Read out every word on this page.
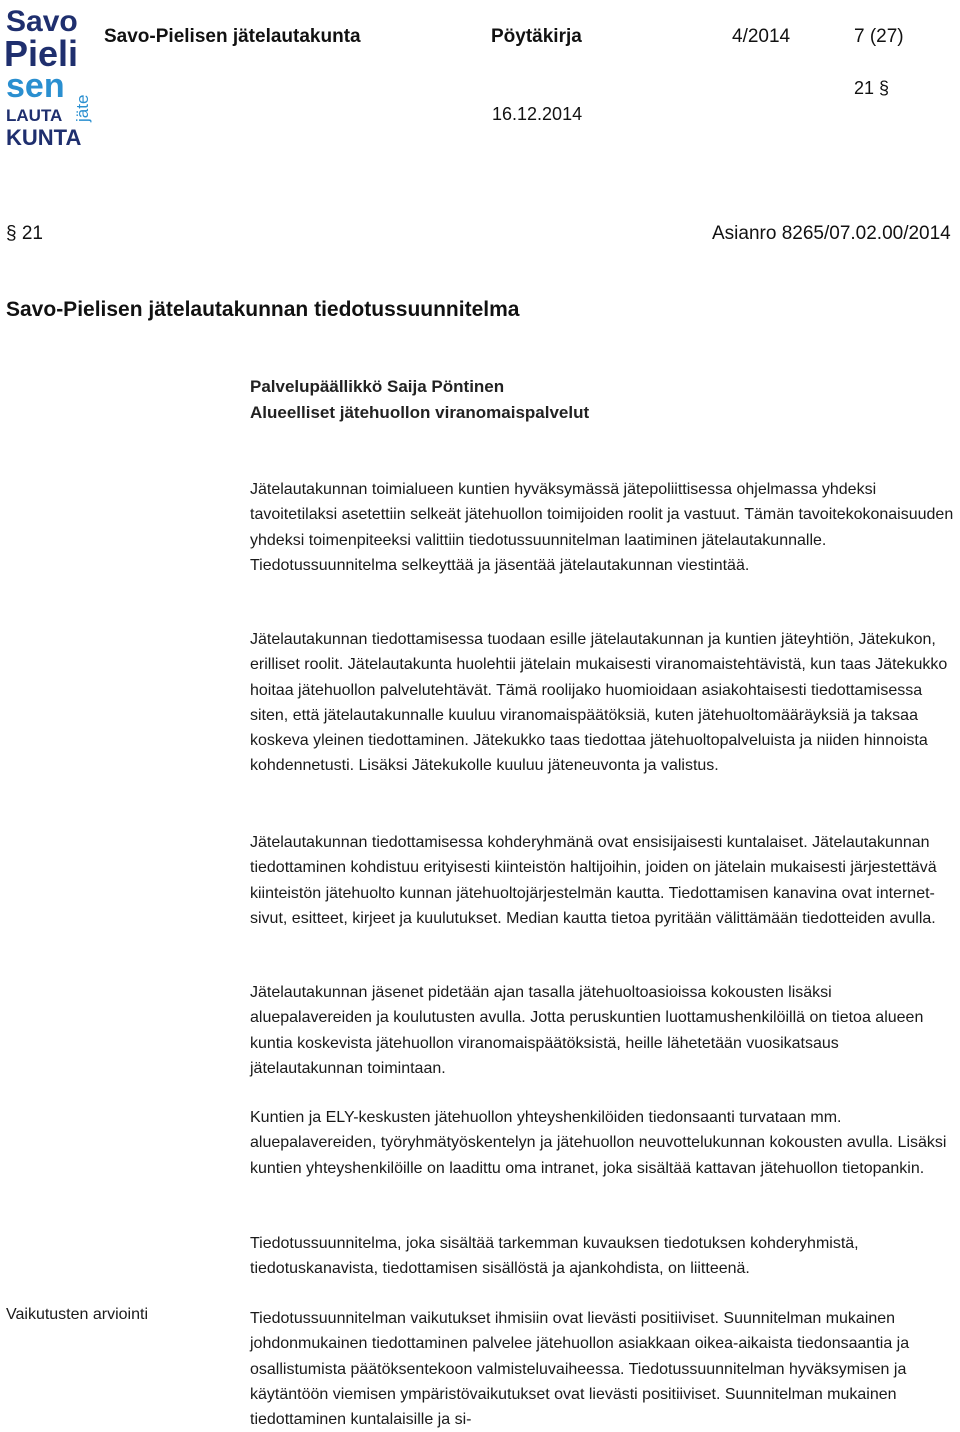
Savo
Pieli
sen
LAUTA
KUNTA
jäte
Savo-Pielisen jätelautakunta	Pöytäkirja	4/2014	7 (27)
21 §
16.12.2014
§ 21	Asianro 8265/07.02.00/2014
Savo-Pielisen jätelautakunnan tiedotussuunnitelma
Palvelupäällikkö Saija Pöntinen
Alueelliset jätehuollon viranomaispalvelut

Jätelautakunnan toimialueen kuntien hyväksymässä jätepoliittisessa ohjelmassa yhdeksi tavoitetilaksi asetettiin selkeät jätehuollon toimijoiden roolit ja vastuut. Tämän tavoitekokonaisuuden yhdeksi toimenpiteeksi valittiin tiedotussuunnitelman laatiminen jätelautakunnalle. Tiedotussuunnitelma selkeyttää ja jäsentää jätelautakunnan viestintää.

Jätelautakunnan tiedottamisessa tuodaan esille jätelautakunnan ja kuntien jäteyhtiön, Jätekukon, erilliset roolit. Jätelautakunta huolehtii jätelain mukaisesti viranomaistehtävistä, kun taas Jätekukko hoitaa jätehuollon palvelutehtävät. Tämä roolijako huomioidaan asiakohtaisesti tiedottamisessa siten, että jätelautakunnalle kuuluu viranomaispäätöksiä, kuten jätehuoltomääräyksiä ja taksaa koskeva yleinen tiedottaminen. Jätekukko taas tiedottaa jätehuoltopalveluista ja niiden hinnoista kohdennetusti. Lisäksi Jätekukolle kuuluu jäteneuvonta ja valistus.

Jätelautakunnan tiedottamisessa kohderyhmänä ovat ensisijaisesti kuntalaiset. Jätelautakunnan tiedottaminen kohdistuu erityisesti kiinteistön haltijoihin, joiden on jätelain mukaisesti järjestettävä kiinteistön jätehuolto kunnan jätehuoltojärjestelmän kautta. Tiedottamisen kanavina ovat internet-sivut, esitteet, kirjeet ja kuulutukset. Median kautta tietoa pyritään välittämään tiedotteiden avulla.

Jätelautakunnan jäsenet pidetään ajan tasalla jätehuoltoasioissa kokousten lisäksi aluepalavereiden ja koulutusten avulla. Jotta peruskuntien luottamushenkilöillä on tietoa alueen kuntia koskevista jätehuollon viranomaispäätöksistä, heille lähetetään vuosikatsaus jätelautakunnan toimintaan.

Kuntien ja ELY-keskusten jätehuollon yhteyshenkilöiden tiedonsaanti turvataan mm. aluepalavereiden, työryhmätyöskentelyn ja jätehuollon neuvottelukunnan kokousten avulla. Lisäksi kuntien yhteyshenkilöille on laadittu oma intranet, joka sisältää kattavan jätehuollon tietopankin.

Tiedotussuunnitelma, joka sisältää tarkemman kuvauksen tiedotuksen kohderyhmistä, tiedotuskanavista, tiedottamisen sisällöstä ja ajankohdista, on liitteenä.

Vaikutusten arviointi	Tiedotussuunnitelman vaikutukset ihmisiin ovat lievästi positiiviset. Suunnitelman mukainen johdonmukainen tiedottaminen palvelee jätehuollon asiakkaan oikea-aikaista tiedonsaantia ja osallistumista päätöksentekoon valmisteluvaiheessa. Tiedotussuunnitelman hyväksymisen ja käytäntöön viemisen ympäristövaikutukset ovat lievästi positiiviset. Suunnitelman mukainen tiedottaminen kuntalaisille ja si-
